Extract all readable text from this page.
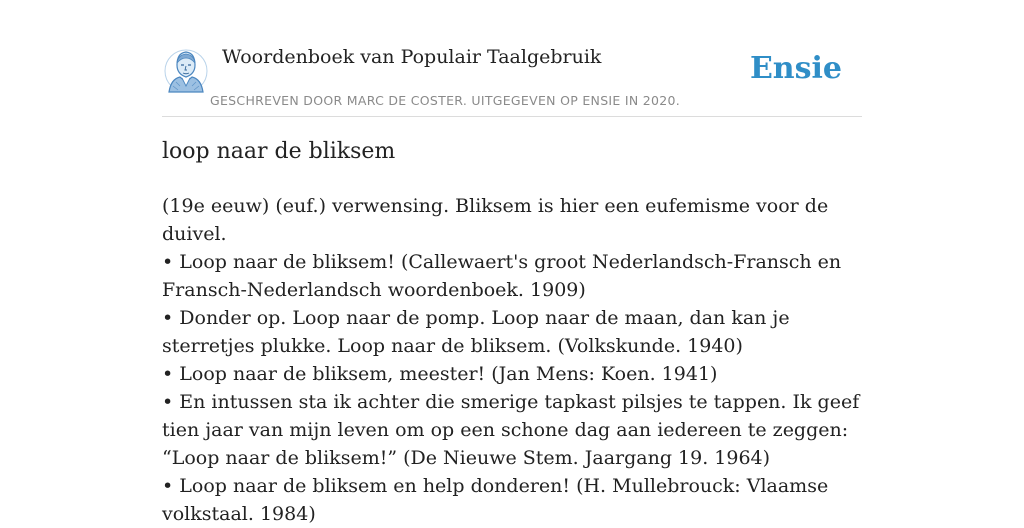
Woordenboek van Populair Taalgebruik
GESCHREVEN DOOR MARC DE COSTER. UITGEGEVEN OP ENSIE IN 2020.
Ensie
loop naar de bliksem

(19e eeuw) (euf.) verwensing. Bliksem is hier een eufemisme voor de duivel.

• Loop naar de bliksem! (Callewaert's groot Nederlandsch-Fransch en Fransch-Nederlandsch woordenboek. 1909)
• Donder op. Loop naar de pomp. Loop naar de maan, dan kan je sterretjes plukke. Loop naar de bliksem. (Volkskunde. 1940)
• Loop naar de bliksem, meester! (Jan Mens: Koen. 1941)
• En intussen sta ik achter die smerige tapkast pilsjes te tappen. Ik geef tien jaar van mijn leven om op een schone dag aan iedereen te zeggen: “Loop naar de bliksem!” (De Nieuwe Stem. Jaargang 19. 1964)
• Loop naar de bliksem en help donderen! (H. Mullebrouck: Vlaamse volkstaal. 1984)
